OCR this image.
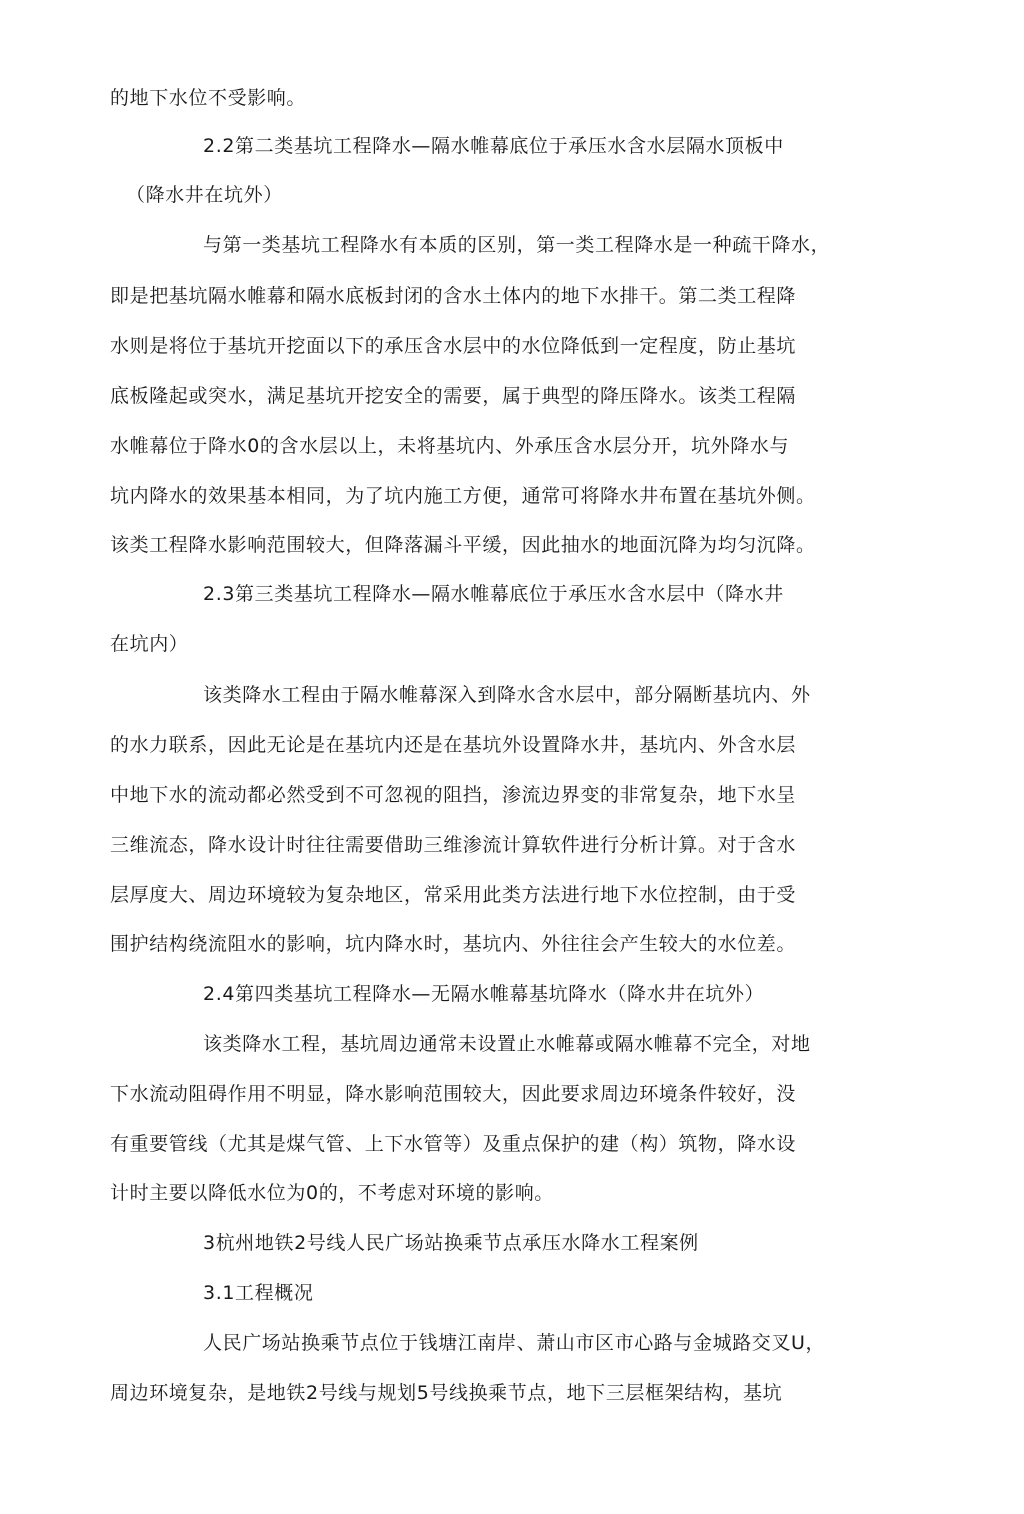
的地下水位不受影响。
2.2第二类基坑工程降水—隔水帷幕底位于承压水含水层隔水顶板中
（降水井在坑外）
与第一类基坑工程降水有本质的区别，第一类工程降水是一种疏干降水，
即是把基坑隔水帷幕和隔水底板封闭的含水土体内的地下水排干。第二类工程降
水则是将位于基坑开挖面以下的承压含水层中的水位降低到一定程度，防止基坑
底板隆起或突水，满足基坑开挖安全的需要，属于典型的降压降水。该类工程隔
水帷幕位于降水0的含水层以上，未将基坑内、外承压含水层分开，坑外降水与
坑内降水的效果基本相同，为了坑内施工方便，通常可将降水井布置在基坑外侧。
该类工程降水影响范围较大，但降落漏斗平缓，因此抽水的地面沉降为均匀沉降。
2.3第三类基坑工程降水—隔水帷幕底位于承压水含水层中（降水井
在坑内）
该类降水工程由于隔水帷幕深入到降水含水层中，部分隔断基坑内、外
的水力联系，因此无论是在基坑内还是在基坑外设置降水井，基坑内、外含水层
中地下水的流动都必然受到不可忽视的阻挡，渗流边界变的非常复杂，地下水呈
三维流态，降水设计时往往需要借助三维渗流计算软件进行分析计算。对于含水
层厚度大、周边环境较为复杂地区，常采用此类方法进行地下水位控制，由于受
围护结构绕流阻水的影响，坑内降水时，基坑内、外往往会产生较大的水位差。
2.4第四类基坑工程降水—无隔水帷幕基坑降水（降水井在坑外）
该类降水工程，基坑周边通常未设置止水帷幕或隔水帷幕不完全，对地
下水流动阻碍作用不明显，降水影响范围较大，因此要求周边环境条件较好，没
有重要管线（尤其是煤气管、上下水管等）及重点保护的建（构）筑物，降水设
计时主要以降低水位为0的，不考虑对环境的影响。
3杭州地铁2号线人民广场站换乘节点承压水降水工程案例
3.1工程概况
人民广场站换乘节点位于钱塘江南岸、萧山市区市心路与金城路交叉U，
周边环境复杂，是地铁2号线与规划5号线换乘节点，地下三层框架结构，基坑
